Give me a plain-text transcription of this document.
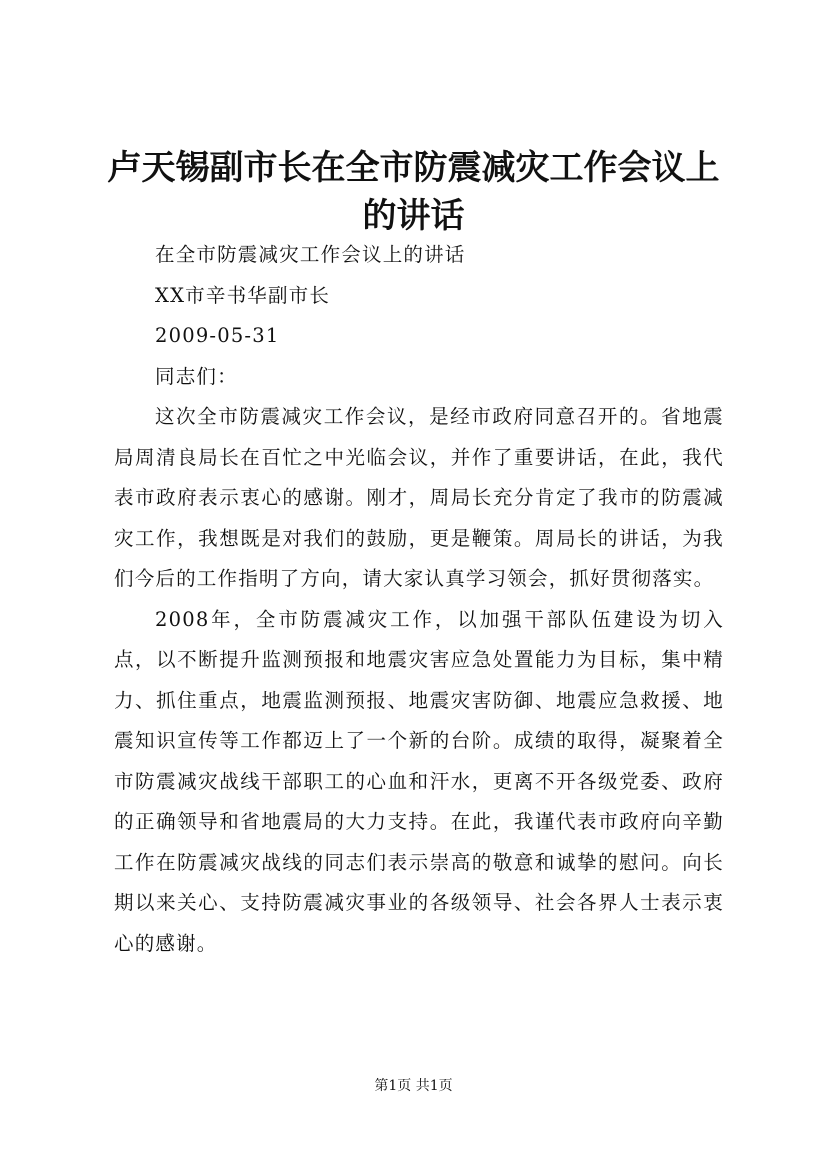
卢天锡副市长在全市防震减灾工作会议上的讲话

在全市防震减灾工作会议上的讲话

XX市辛书华副市长

2009-05-31

同志们：

这次全市防震减灾工作会议，是经市政府同意召开的。省地震局周清良局长在百忙之中光临会议，并作了重要讲话，在此，我代表市政府表示衷心的感谢。刚才，周局长充分肯定了我市的防震减灾工作，我想既是对我们的鼓励，更是鞭策。周局长的讲话，为我们今后的工作指明了方向，请大家认真学习领会，抓好贯彻落实。

2008年，全市防震减灾工作，以加强干部队伍建设为切入点，以不断提升监测预报和地震灾害应急处置能力为目标，集中精力、抓住重点，地震监测预报、地震灾害防御、地震应急救援、地震知识宣传等工作都迈上了一个新的台阶。成绩的取得，凝聚着全市防震减灾战线干部职工的心血和汗水，更离不开各级党委、政府的正确领导和省地震局的大力支持。在此，我谨代表市政府向辛勤工作在防震减灾战线的同志们表示崇高的敬意和诚挚的慰问。向长期以来关心、支持防震减灾事业的各级领导、社会各界人士表示衷心的感谢。

第1页 共1页
